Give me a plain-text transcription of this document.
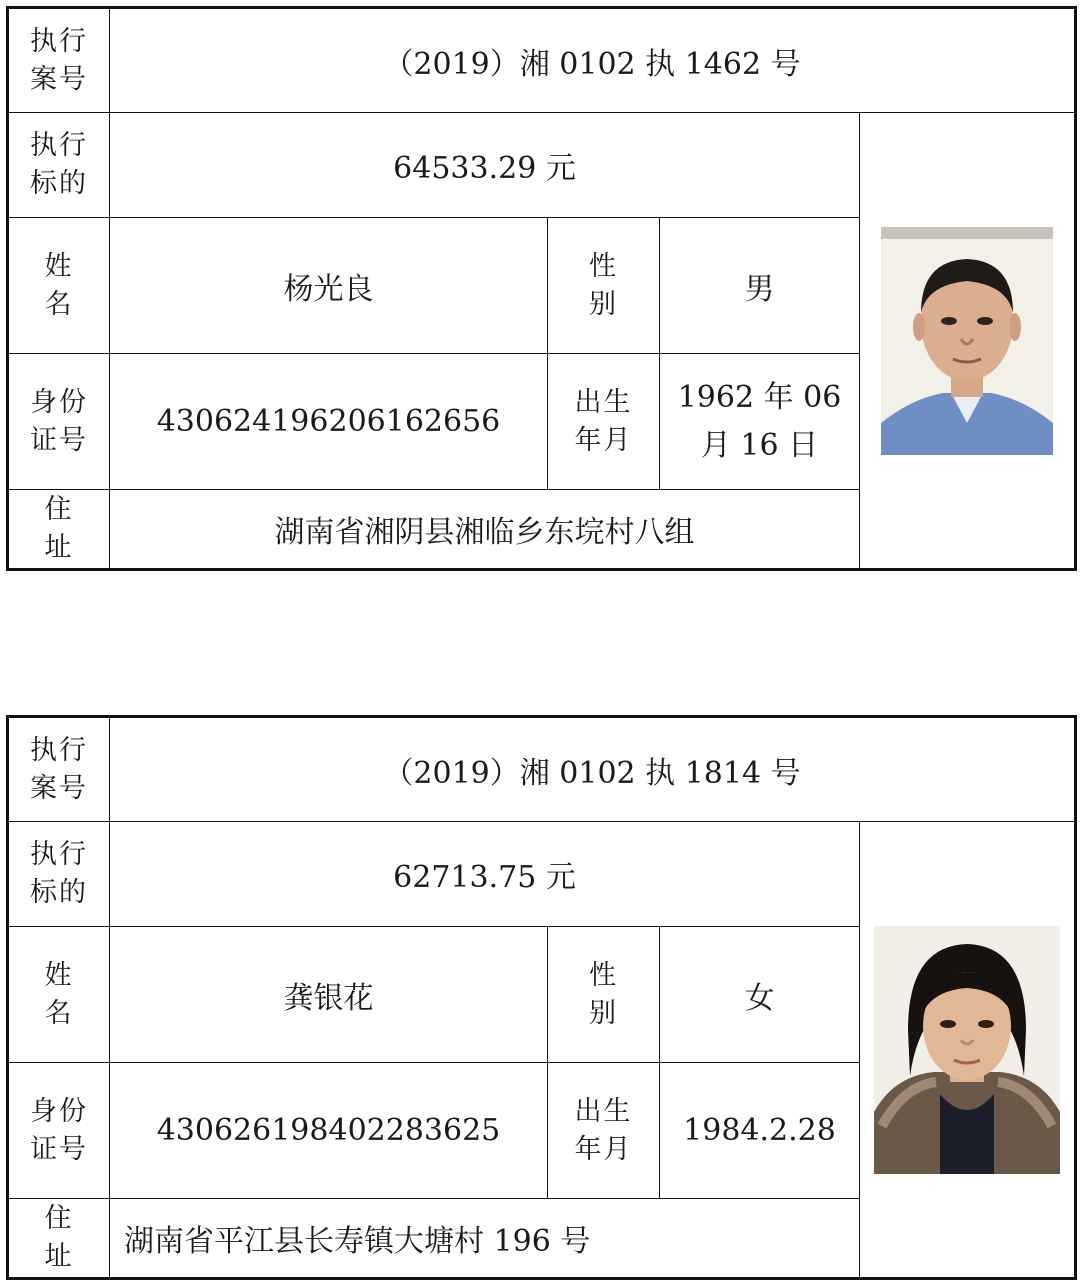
执行
案号	（2019）湘 0102 执 1462 号			

执行
标的	64533.29 元	

姓
名	杨光良	性
别	男	

身份
证号	430624196206162656	出生
年月	1962 年 06
月 16 日	

住
址	湖南省湘阴县湘临乡东垸村八组			
执行
案号	（2019）湘 0102 执 1814 号			

执行
标的	62713.75 元	

姓
名	龚银花	性
别	女	

身份
证号	430626198402283625	出生
年月	1984.2.28	

住
址	湖南省平江县长寿镇大塘村 196 号			
